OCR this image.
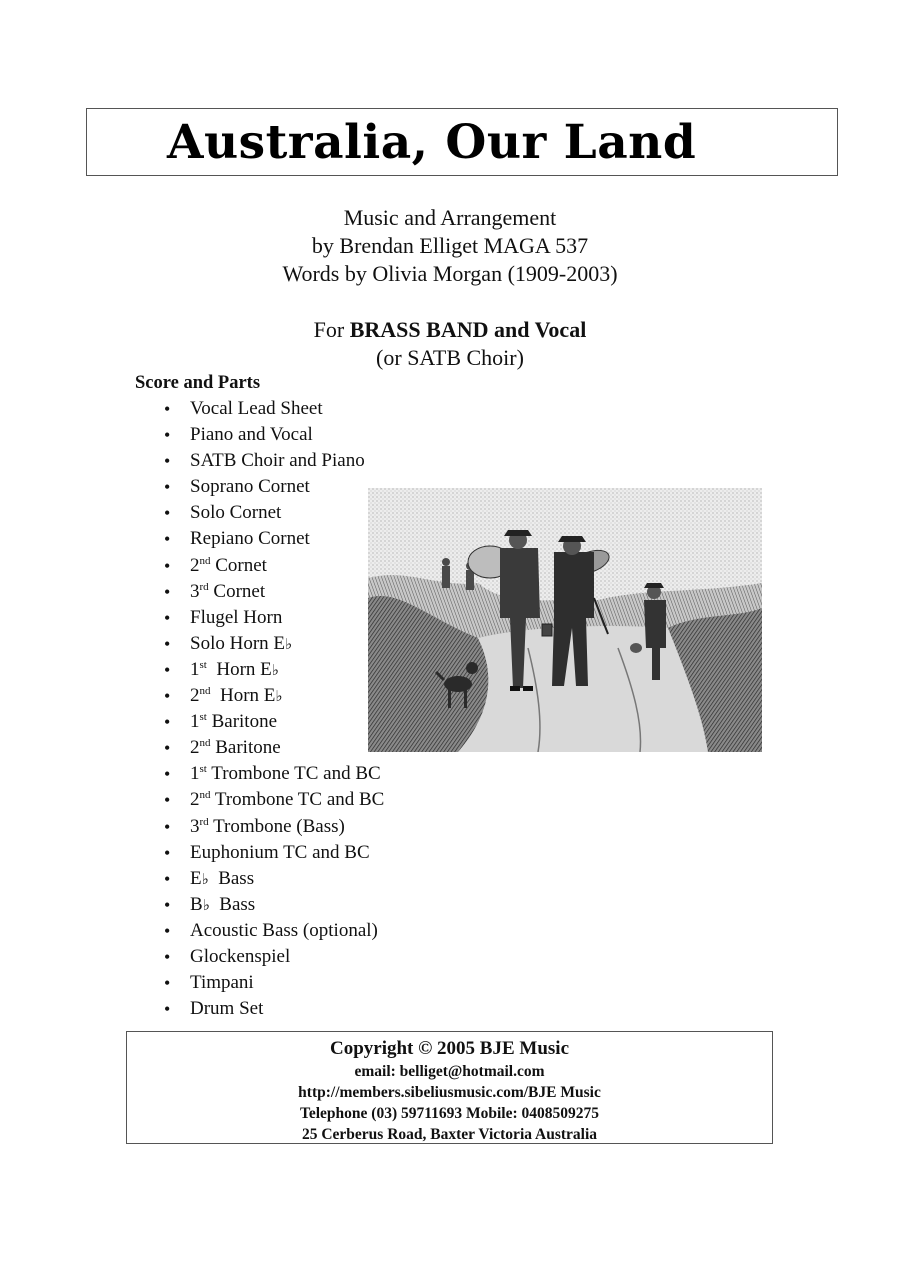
Australia, Our Land
Music and Arrangement
by Brendan Elliget MAGA 537
Words by Olivia Morgan (1909-2003)
For BRASS BAND and Vocal
(or SATB Choir)

Score and Parts

• Vocal Lead Sheet
• Piano and Vocal
• SATB Choir and Piano
• Soprano Cornet
• Solo Cornet
• Repiano Cornet
• 2nd Cornet
• 3rd Cornet
• Flugel Horn
• Solo Horn E♭
• 1st  Horn E♭
• 2nd  Horn E♭
• 1st Baritone
• 2nd Baritone
• 1st Trombone TC and BC
• 2nd Trombone TC and BC
• 3rd Trombone (Bass)
• Euphonium TC and BC
• E♭  Bass
• B♭  Bass
• Acoustic Bass (optional)
• Glockenspiel
• Timpani
• Drum Set
Copyright © 2005 BJE Music
email: belliget@hotmail.com
http://members.sibeliusmusic.com/BJE Music
Telephone (03) 59711693 Mobile: 0408509275
25 Cerberus Road, Baxter Victoria Australia
